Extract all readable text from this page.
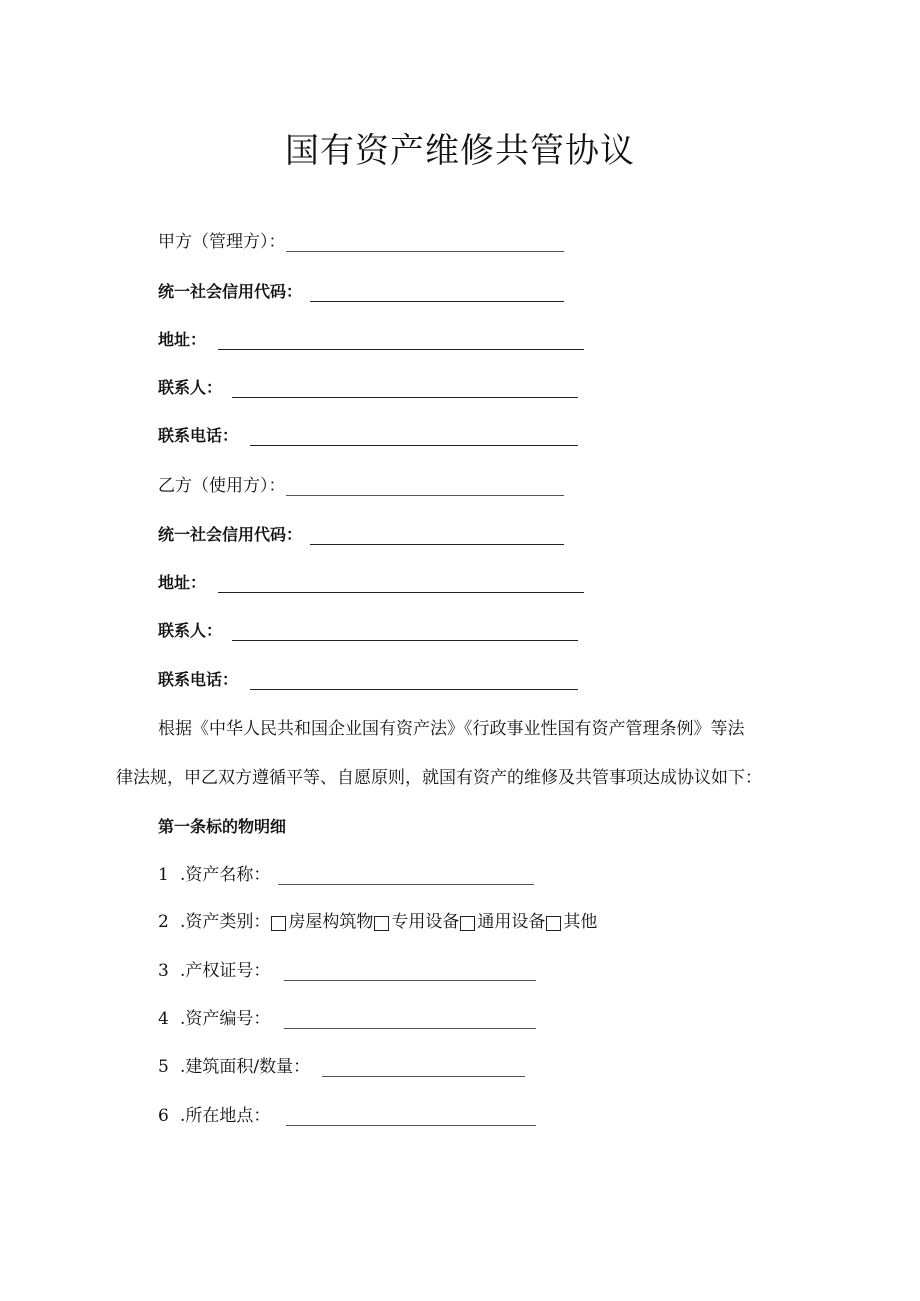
国有资产维修共管协议
甲方（管理方）：
统一社会信用代码：
地址：
联系人：
联系电话：
乙方（使用方）：
统一社会信用代码：
地址：
联系人：
联系电话：
根据《中华人民共和国企业国有资产法》《行政事业性国有资产管理条例》等法
律法规，甲乙双方遵循平等、自愿原则，就国有资产的维修及共管事项达成协议如下：
第一条标的物明细
1 .资产名称：
2 .资产类别： 房屋构筑物 专用设备 通用设备 其他
3 .产权证号：
4 .资产编号：
5 .建筑面积/数量：
6 .所在地点：
